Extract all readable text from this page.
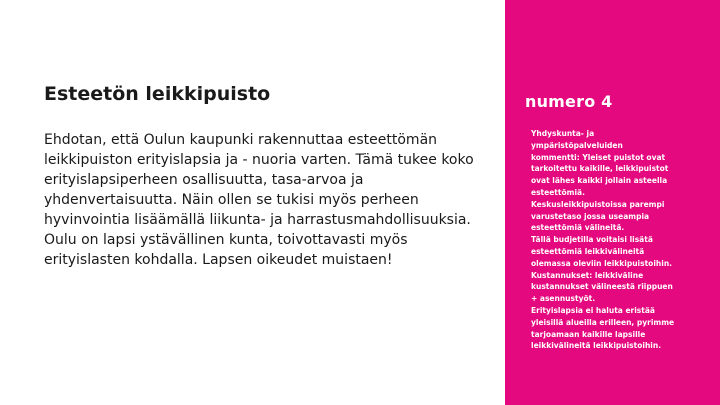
Esteetön leikkipuisto

Ehdotan, että Oulun kaupunki rakennuttaa esteettömän leikkipuiston erityislapsia ja - nuoria varten. Tämä tukee koko erityislapsiperheen osallisuutta, tasa-arvoa ja yhdenvertaisuutta. Näin ollen se tukisi myös perheen hyvinvointia lisäämällä liikunta- ja harrastusmahdollisuuksia. Oulu on lapsi ystävällinen kunta, toivottavasti myös erityislasten kohdalla. Lapsen oikeudet muistaen!

numero 4
Yhdyskunta- ja
ympäristöpalveluiden
kommentti: Yleiset puistot ovat
tarkoitettu kaikille, leikkipuistot
ovat lähes kaikki jollain asteella
esteettömiä.
Keskusleikkipuistoissa parempi
varustetaso jossa useampia
esteettömiä välineitä.
Tällä budjetilla voitaisi lisätä
esteettömiä leikkivälineitä
olemassa oleviin leikkipuistoihin.
Kustannukset: leikkiväline
kustannukset välineestä riippuen
+ asennustyöt.
Erityislapsia ei haluta eristää
yleisillä alueilla erilleen, pyrimme
tarjoamaan kaikille lapsille
leikkivälineitä leikkipuistoihin.
